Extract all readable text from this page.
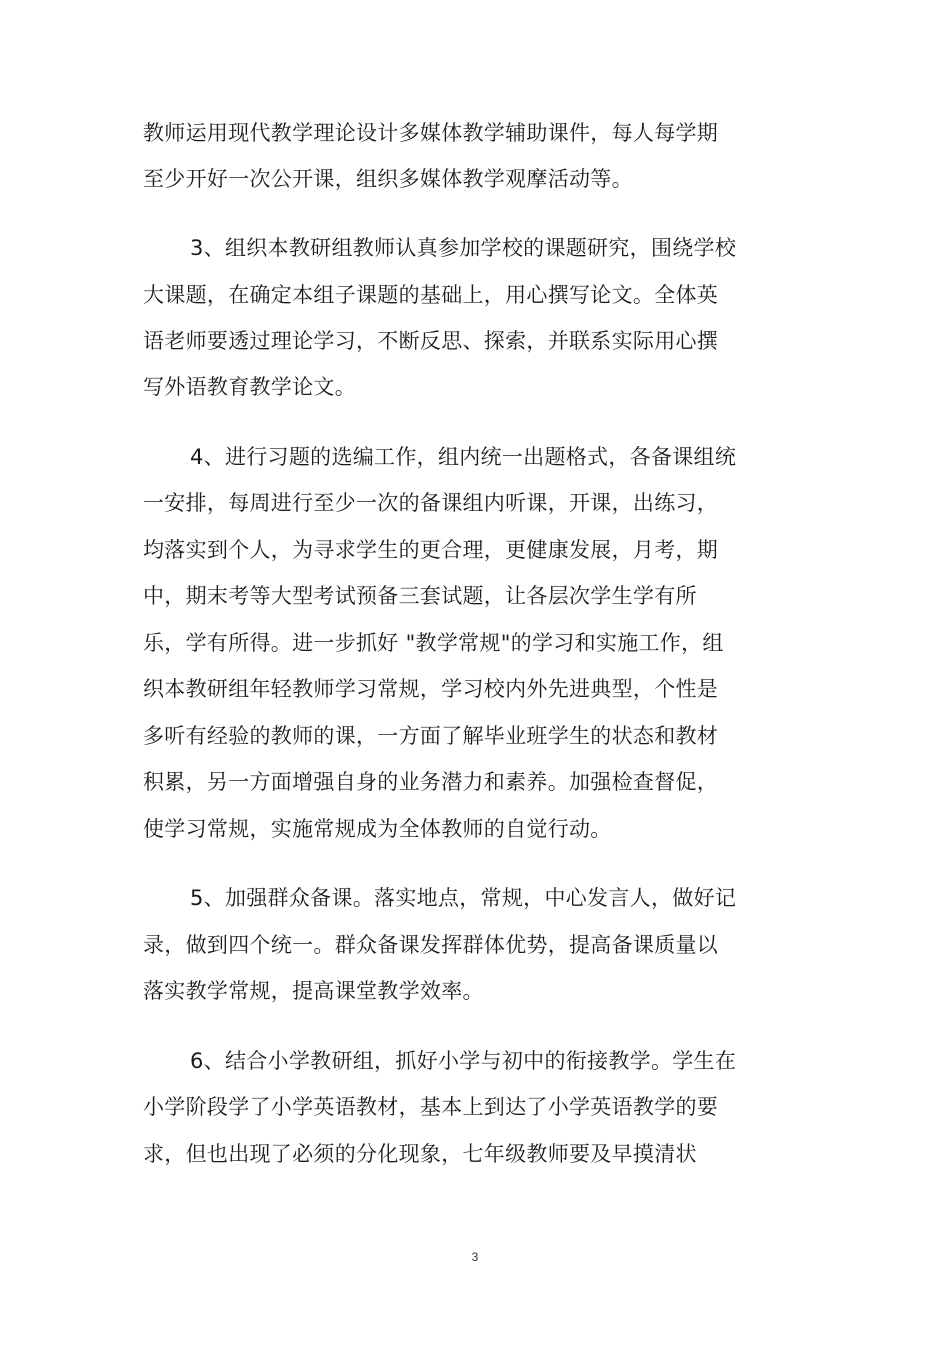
教师运用现代教学理论设计多媒体教学辅助课件，每人每学期
至少开好一次公开课，组织多媒体教学观摩活动等。
3、组织本教研组教师认真参加学校的课题研究，围绕学校
大课题，在确定本组子课题的基础上，用心撰写论文。全体英
语老师要透过理论学习，不断反思、探索，并联系实际用心撰
写外语教育教学论文。
4、进行习题的选编工作，组内统一出题格式，各备课组统
一安排，每周进行至少一次的备课组内听课，开课，出练习，
均落实到个人，为寻求学生的更合理，更健康发展，月考，期
中，期末考等大型考试预备三套试题，让各层次学生学有所
乐，学有所得。进一步抓好 "教学常规"的学习和实施工作，组
织本教研组年轻教师学习常规，学习校内外先进典型，个性是
多听有经验的教师的课，一方面了解毕业班学生的状态和教材
积累，另一方面增强自身的业务潜力和素养。加强检查督促，
使学习常规，实施常规成为全体教师的自觉行动。
5、加强群众备课。落实地点，常规，中心发言人，做好记
录，做到四个统一。群众备课发挥群体优势，提高备课质量以
落实教学常规，提高课堂教学效率。
6、结合小学教研组，抓好小学与初中的衔接教学。学生在
小学阶段学了小学英语教材，基本上到达了小学英语教学的要
求，但也出现了必须的分化现象，七年级教师要及早摸清状
3
